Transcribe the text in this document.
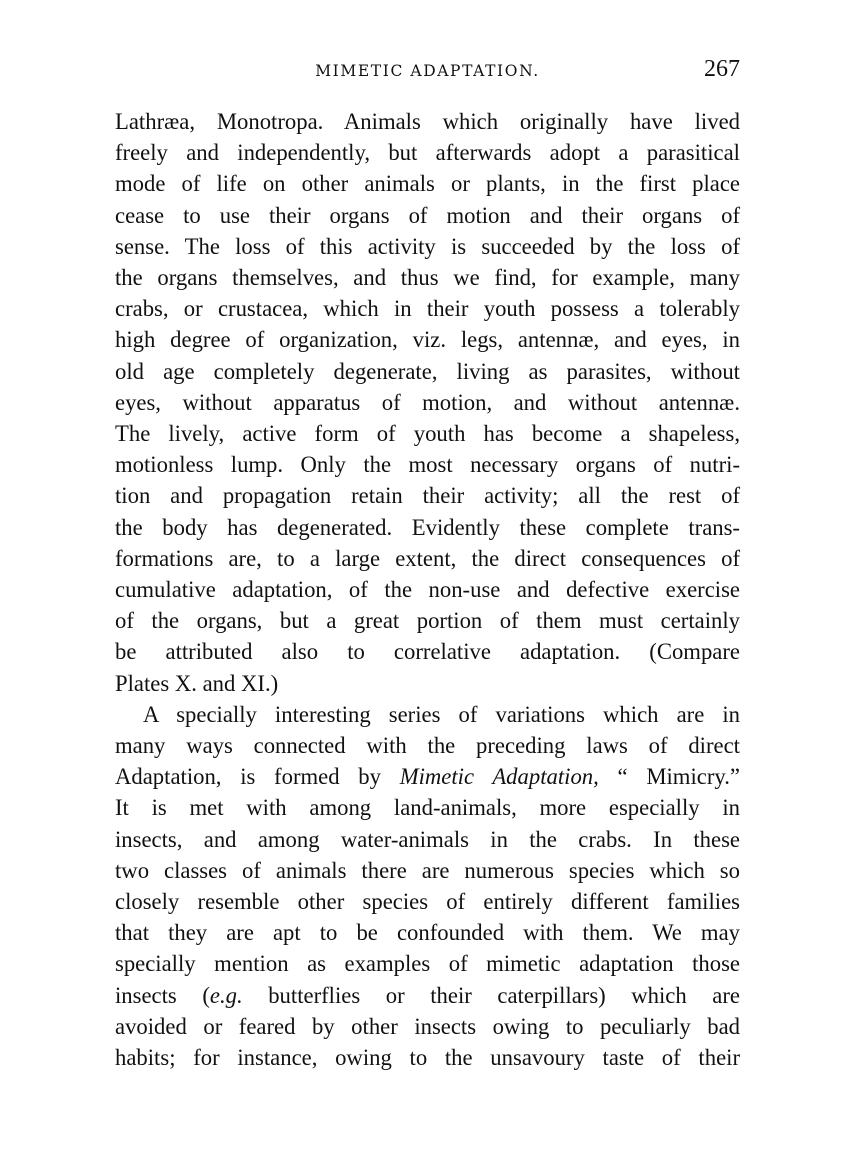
MIMETIC ADAPTATION.	267

Lathræa, Monotropa. Animals which originally have lived
freely and independently, but afterwards adopt a parasitical
mode of life on other animals or plants, in the first place
cease to use their organs of motion and their organs of
sense. The loss of this activity is succeeded by the loss of
the organs themselves, and thus we find, for example, many
crabs, or crustacea, which in their youth possess a tolerably
high degree of organization, viz. legs, antennæ, and eyes, in
old age completely degenerate, living as parasites, without
eyes, without apparatus of motion, and without antennæ.
The lively, active form of youth has become a shapeless,
motionless lump. Only the most necessary organs of nutri-
tion and propagation retain their activity; all the rest of
the body has degenerated. Evidently these complete trans-
formations are, to a large extent, the direct consequences of
cumulative adaptation, of the non-use and defective exercise
of the organs, but a great portion of them must certainly
be attributed also to correlative adaptation. (Compare
Plates X. and XI.)

A specially interesting series of variations which are in
many ways connected with the preceding laws of direct
Adaptation, is formed by Mimetic Adaptation, “ Mimicry.”
It is met with among land-animals, more especially in
insects, and among water-animals in the crabs. In these
two classes of animals there are numerous species which so
closely resemble other species of entirely different families
that they are apt to be confounded with them. We may
specially mention as examples of mimetic adaptation those
insects (e.g. butterflies or their caterpillars) which are
avoided or feared by other insects owing to peculiarly bad
habits; for instance, owing to the unsavoury taste of their
